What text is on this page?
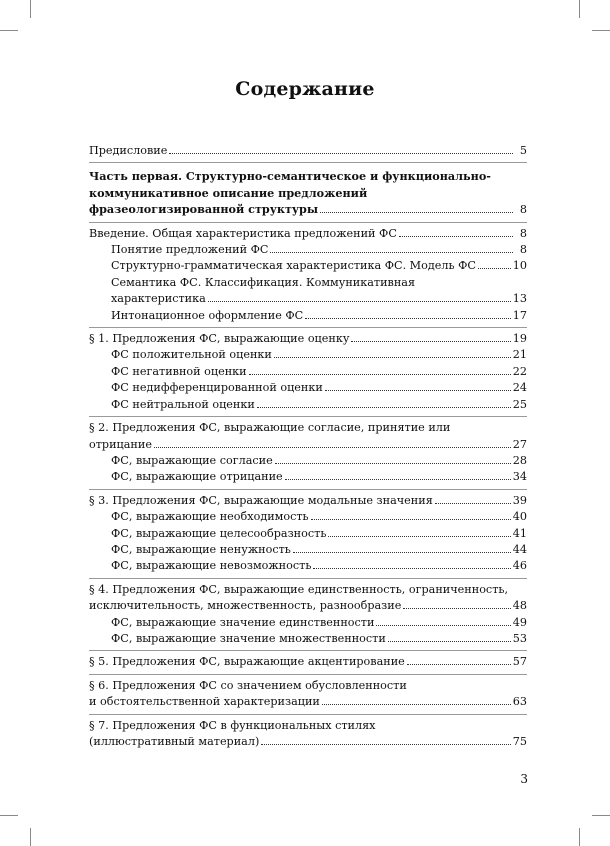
Содержание
Предисловие	5
Часть первая. Структурно-семантическое и функционально-
коммуникативное описание предложений
фразеологизированной структуры	8
Введение. Общая характеристика предложений ФС	8
Понятие предложений ФС	8
Структурно-грамматическая характеристика ФС. Модель ФС	10
Семантика ФС. Классификация. Коммуникативная
характеристика	13
Интонационное оформление ФС	17
§ 1. Предложения ФС, выражающие оценку	19
ФС положительной оценки	21
ФС негативной оценки	22
ФС недифференцированной оценки	24
ФС нейтральной оценки	25
§ 2. Предложения ФС, выражающие согласие, принятие или
отрицание	27
ФС, выражающие согласие	28
ФС, выражающие отрицание	34
§ 3. Предложения ФС, выражающие модальные значения	39
ФС, выражающие необходимость	40
ФС, выражающие целесообразность	41
ФС, выражающие ненужность	44
ФС, выражающие невозможность	46
§ 4. Предложения ФС, выражающие единственность, ограниченность,
исключительность, множественность, разнообразие	48
ФС, выражающие значение единственности	49
ФС, выражающие значение множественности	53
§ 5. Предложения ФС, выражающие акцентирование	57
§ 6. Предложения ФС со значением обусловленности
и обстоятельственной характеризации	63
§ 7. Предложения ФС в функциональных стилях
(иллюстративный материал)	75
3
